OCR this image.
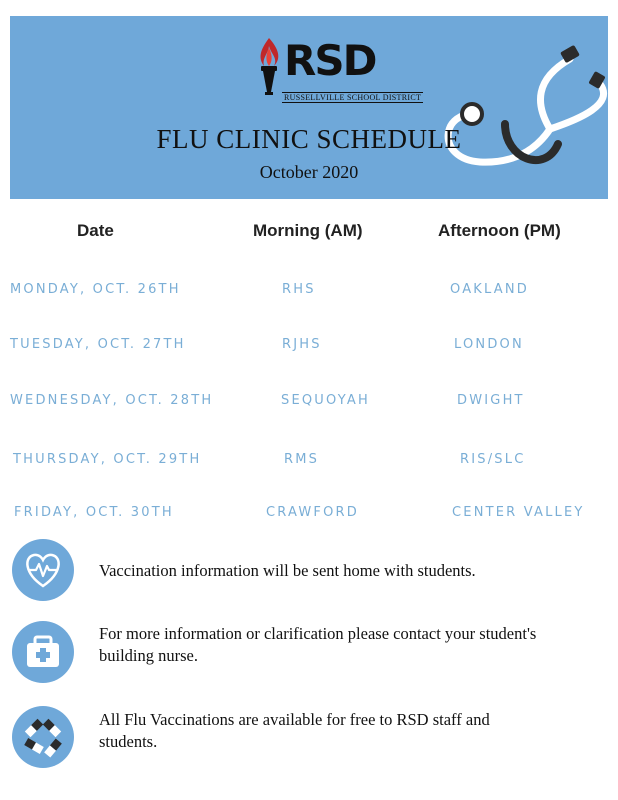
RSD
RUSSELLVILLE SCHOOL DISTRICT
FLU CLINIC SCHEDULE
October 2020
Date	Morning (AM)	Afternoon (PM)
MONDAY, OCT. 26TH	RHS	OAKLAND
TUESDAY, OCT. 27TH	RJHS	LONDON
WEDNESDAY, OCT. 28TH	SEQUOYAH	DWIGHT
THURSDAY, OCT. 29TH	RMS	RIS/SLC
FRIDAY, OCT. 30TH	CRAWFORD	CENTER VALLEY
Vaccination information will be sent home with students.
For more information or clarification please contact your student's building nurse.
All Flu Vaccinations are available for free to RSD staff and students.
